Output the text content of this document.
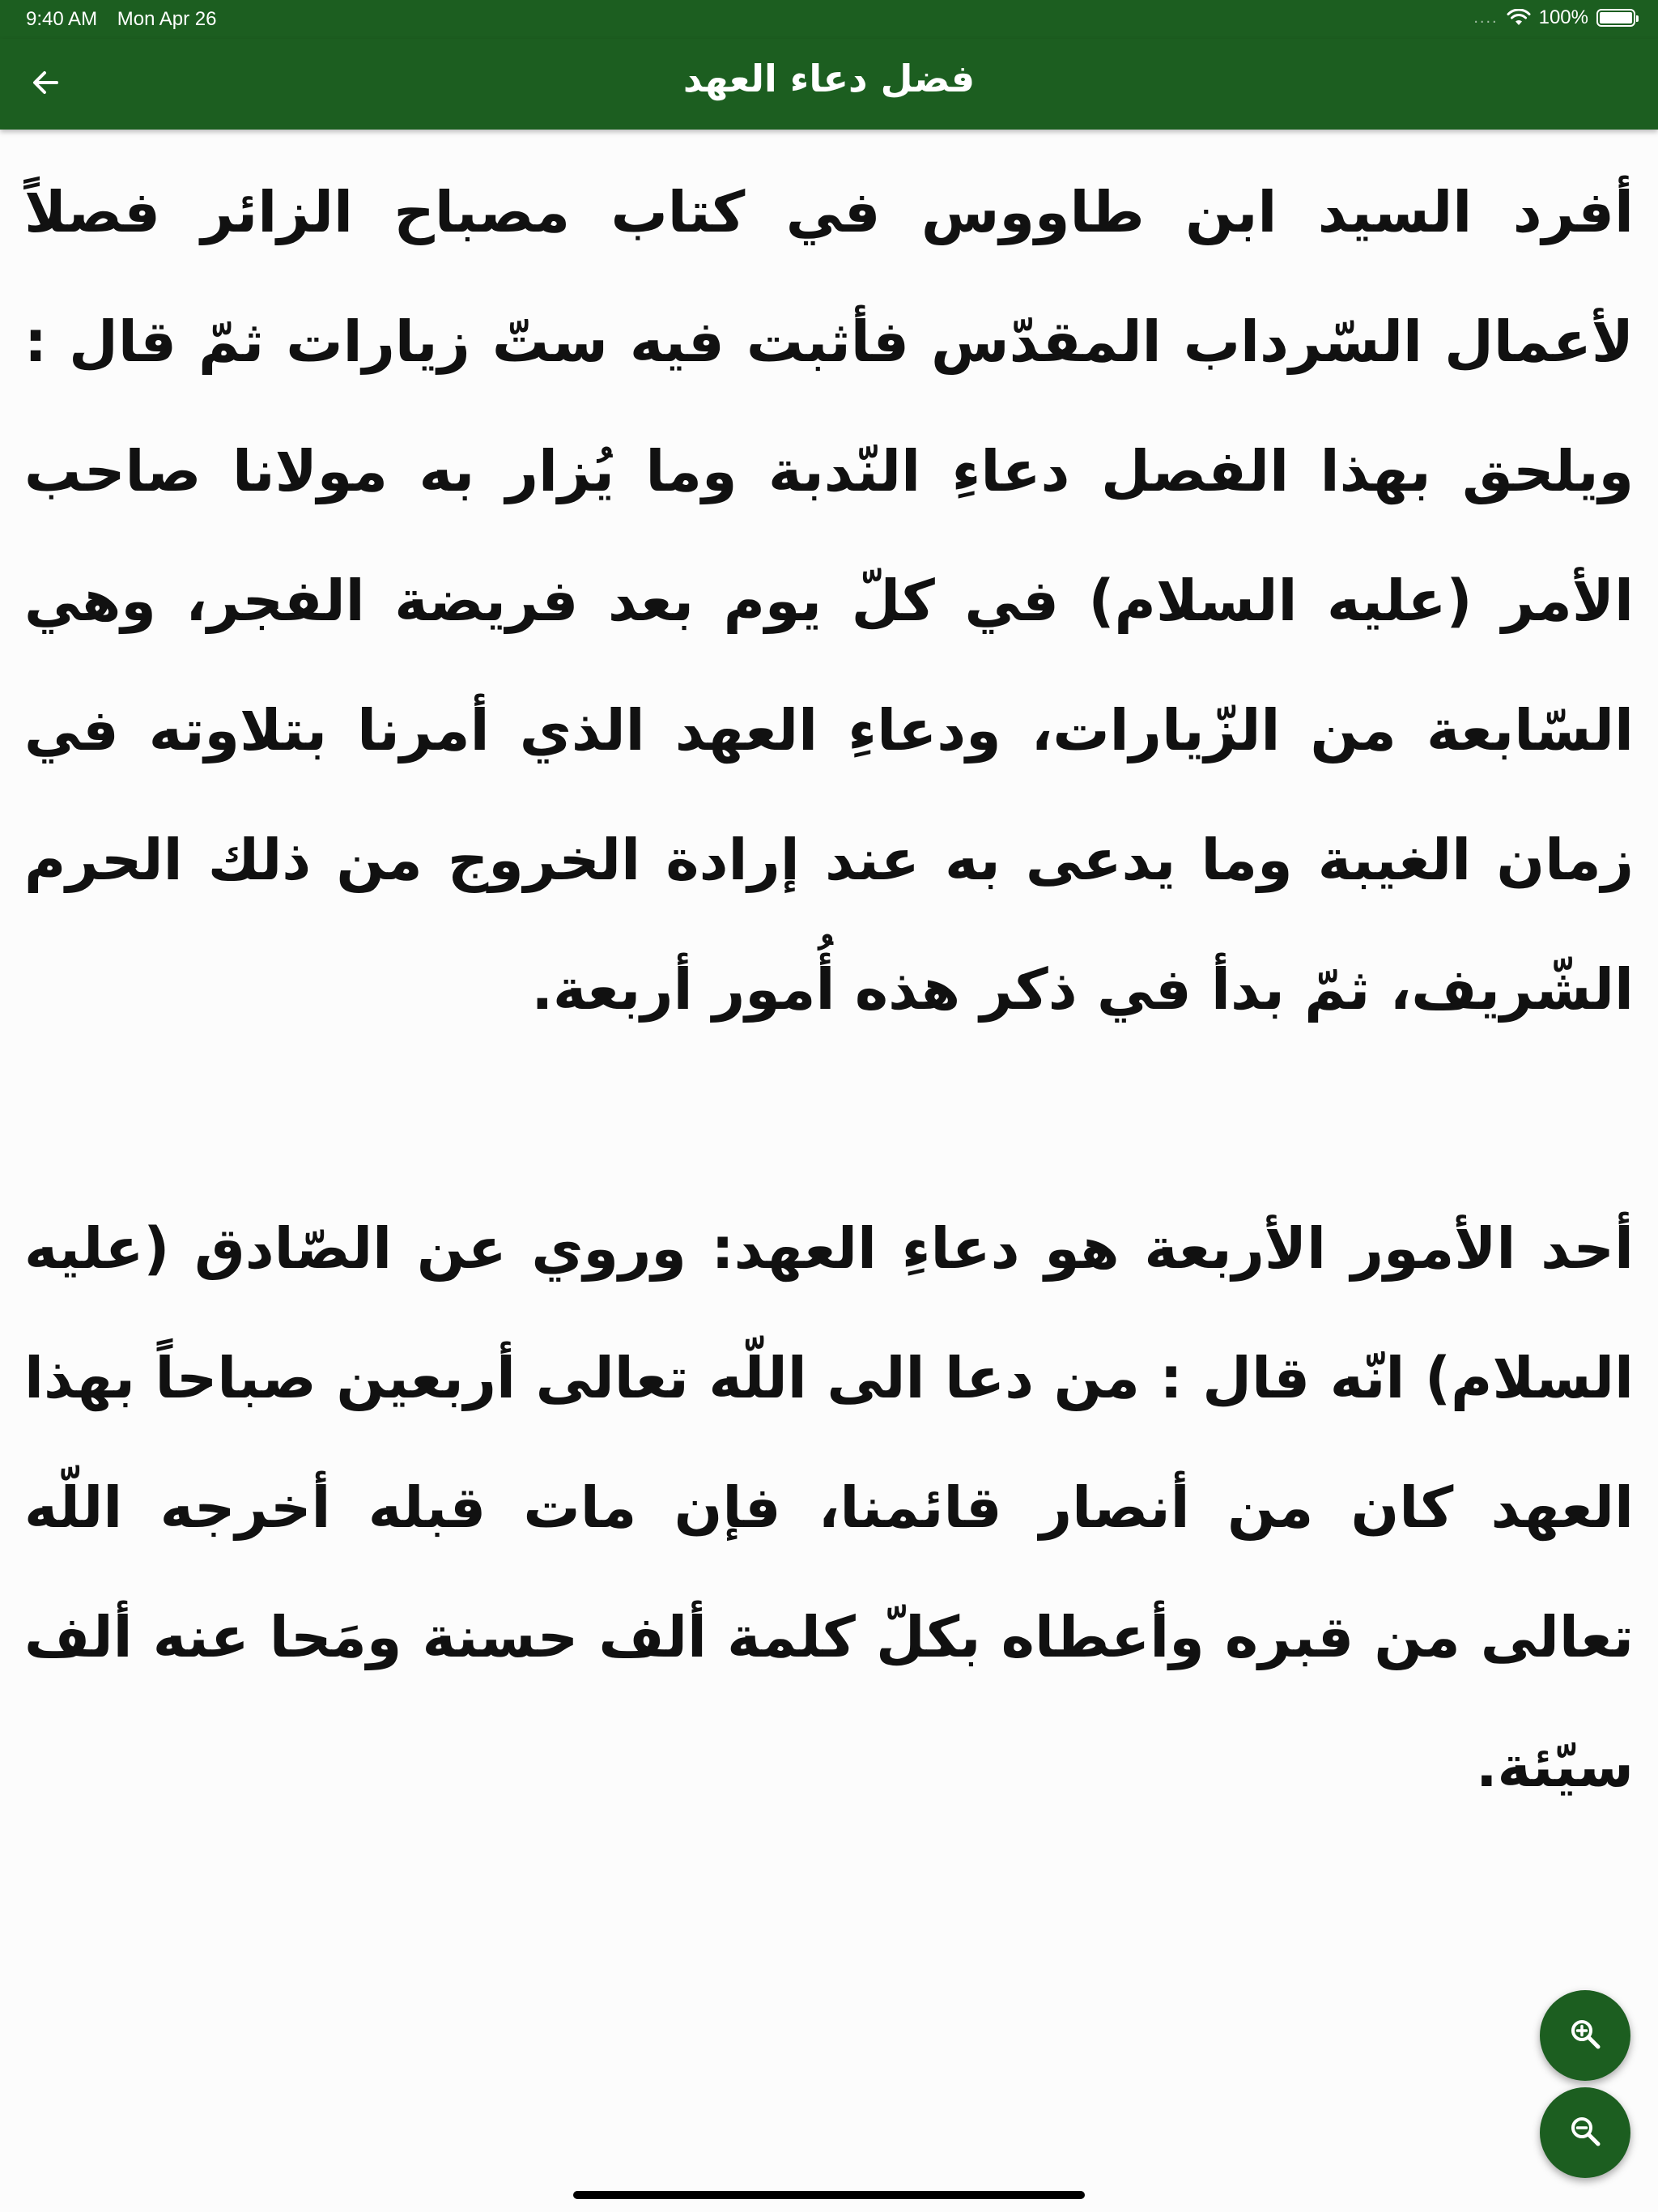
9:40 AM Mon Apr 26	.... 100%
فضل دعاء العهد

أفرد السيد ابن طاووس في كتاب مصباح الزائر فصلاً لأعمال السّرداب المقدّس فأثبت فيه ستّ زيارات ثمّ قال : ويلحق بهذا الفصل دعاءِ النّدبة وما يُزار به مولانا صاحب الأمر (عليه السلام) في كلّ يوم بعد فريضة الفجر، وهي السّابعة من الزّيارات، ودعاءِ العهد الذي أمرنا بتلاوته في زمان الغيبة وما يدعى به عند إرادة الخروج من ذلك الحرم الشّريف، ثمّ بدأ في ذكر هذه أُمور أربعة.

أحد الأمور الأربعة هو دعاءِ العهد: وروي عن الصّادق (عليه السلام) انّه قال : من دعا الى اللّه تعالى أربعين صباحاً بهذا العهد كان من أنصار قائمنا، فإن مات قبله أخرجه اللّه تعالى من قبره وأعطاه بكلّ كلمة ألف حسنة ومَحا عنه ألف سيّئة.
